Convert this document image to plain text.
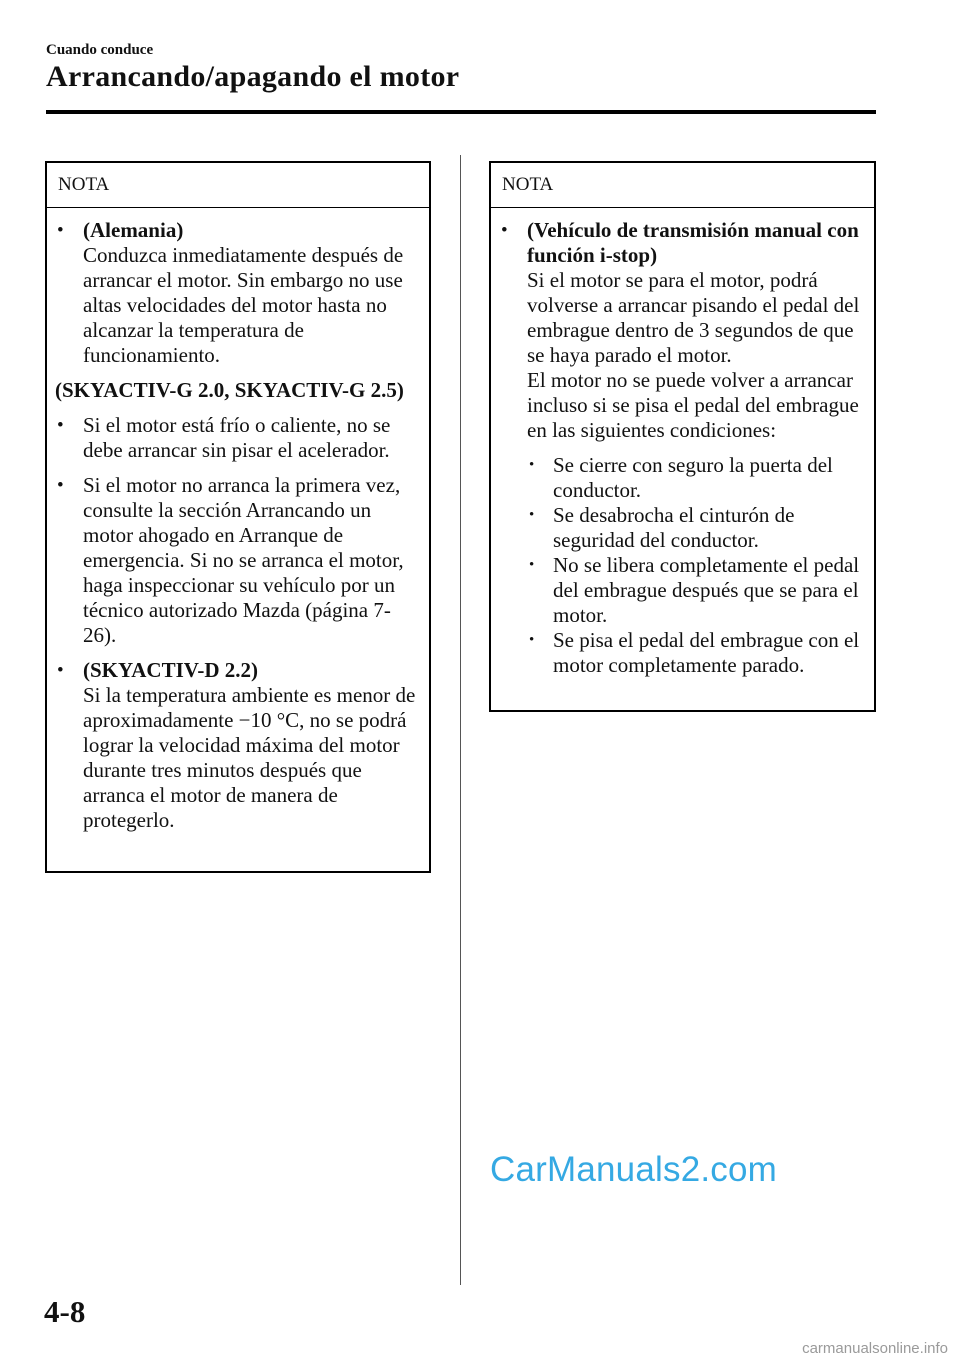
Cuando conduce
Arrancando/apagando el motor
NOTA
• (Alemania)
Conduzca inmediatamente después de arrancar el motor. Sin embargo no use altas velocidades del motor hasta no alcanzar la temperatura de funcionamiento.
(SKYACTIV-G 2.0, SKYACTIV-G 2.5)
• Si el motor está frío o caliente, no se debe arrancar sin pisar el acelerador.
• Si el motor no arranca la primera vez, consulte la sección Arrancando un motor ahogado en Arranque de emergencia. Si no se arranca el motor, haga inspeccionar su vehículo por un técnico autorizado Mazda (página 7-26).
• (SKYACTIV-D 2.2)
Si la temperatura ambiente es menor de aproximadamente −10 °C, no se podrá lograr la velocidad máxima del motor durante tres minutos después que arranca el motor de manera de protegerlo.
NOTA
• (Vehículo de transmisión manual con función i-stop)
Si el motor se para el motor, podrá volverse a arrancar pisando el pedal del embrague dentro de 3 segundos de que se haya parado el motor.
El motor no se puede volver a arrancar incluso si se pisa el pedal del embrague en las siguientes condiciones:
• Se cierre con seguro la puerta del conductor.
• Se desabrocha el cinturón de seguridad del conductor.
• No se libera completamente el pedal del embrague después que se para el motor.
• Se pisa el pedal del embrague con el motor completamente parado.
CarManuals2.com
4-8
carmanualsonline.info
